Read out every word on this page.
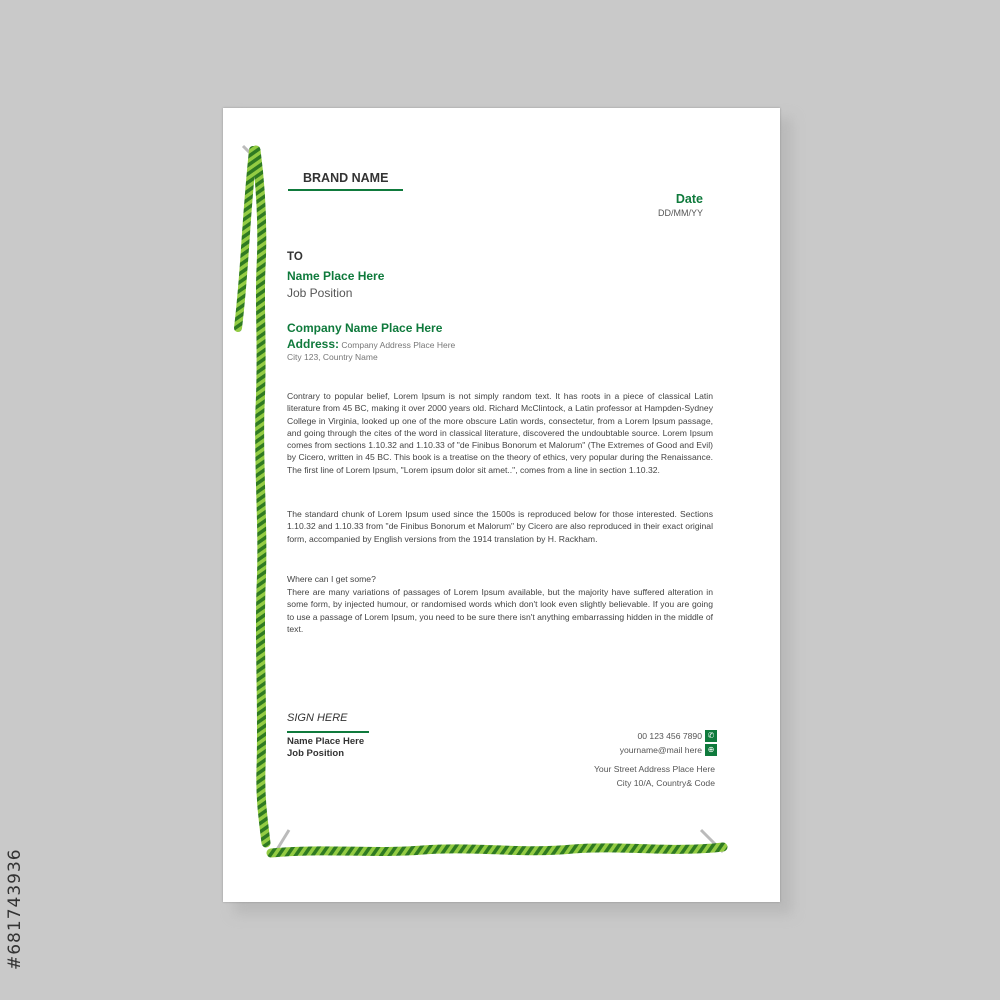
#681743936
BRAND NAME
Date
DD/MM/YY
TO
Name Place Here
Job Position
Company Name Place Here
Address: Company Address Place Here
City 123, Country Name
Contrary to popular belief, Lorem Ipsum is not simply random text. It has roots in a piece of classical Latin literature from 45 BC, making it over 2000 years old. Richard McClintock, a Latin professor at Hampden-Sydney College in Virginia, looked up one of the more obscure Latin words, consectetur, from a Lorem Ipsum passage, and going through the cites of the word in classical literature, discovered the undoubtable source. Lorem Ipsum comes from sections 1.10.32 and 1.10.33 of "de Finibus Bonorum et Malorum" (The Extremes of Good and Evil) by Cicero, written in 45 BC. This book is a treatise on the theory of ethics, very popular during the Renaissance. The first line of Lorem Ipsum, "Lorem ipsum dolor sit amet..", comes from a line in section 1.10.32.
The standard chunk of Lorem Ipsum used since the 1500s is reproduced below for those interested. Sections 1.10.32 and 1.10.33 from "de Finibus Bonorum et Malorum" by Cicero are also reproduced in their exact original form, accompanied by English versions from the 1914 translation by H. Rackham.
Where can I get some?
There are many variations of passages of Lorem Ipsum available, but the majority have suffered alteration in some form, by injected humour, or randomised words which don't look even slightly believable. If you are going to use a passage of Lorem Ipsum, you need to be sure there isn't anything embarrassing hidden in the middle of text.
SIGN HERE
Name Place Here
Job Position
00 123 456 7890 ✆
yourname@mail here ⊕
Your Street Address Place Here
City 10/A, Country& Code
